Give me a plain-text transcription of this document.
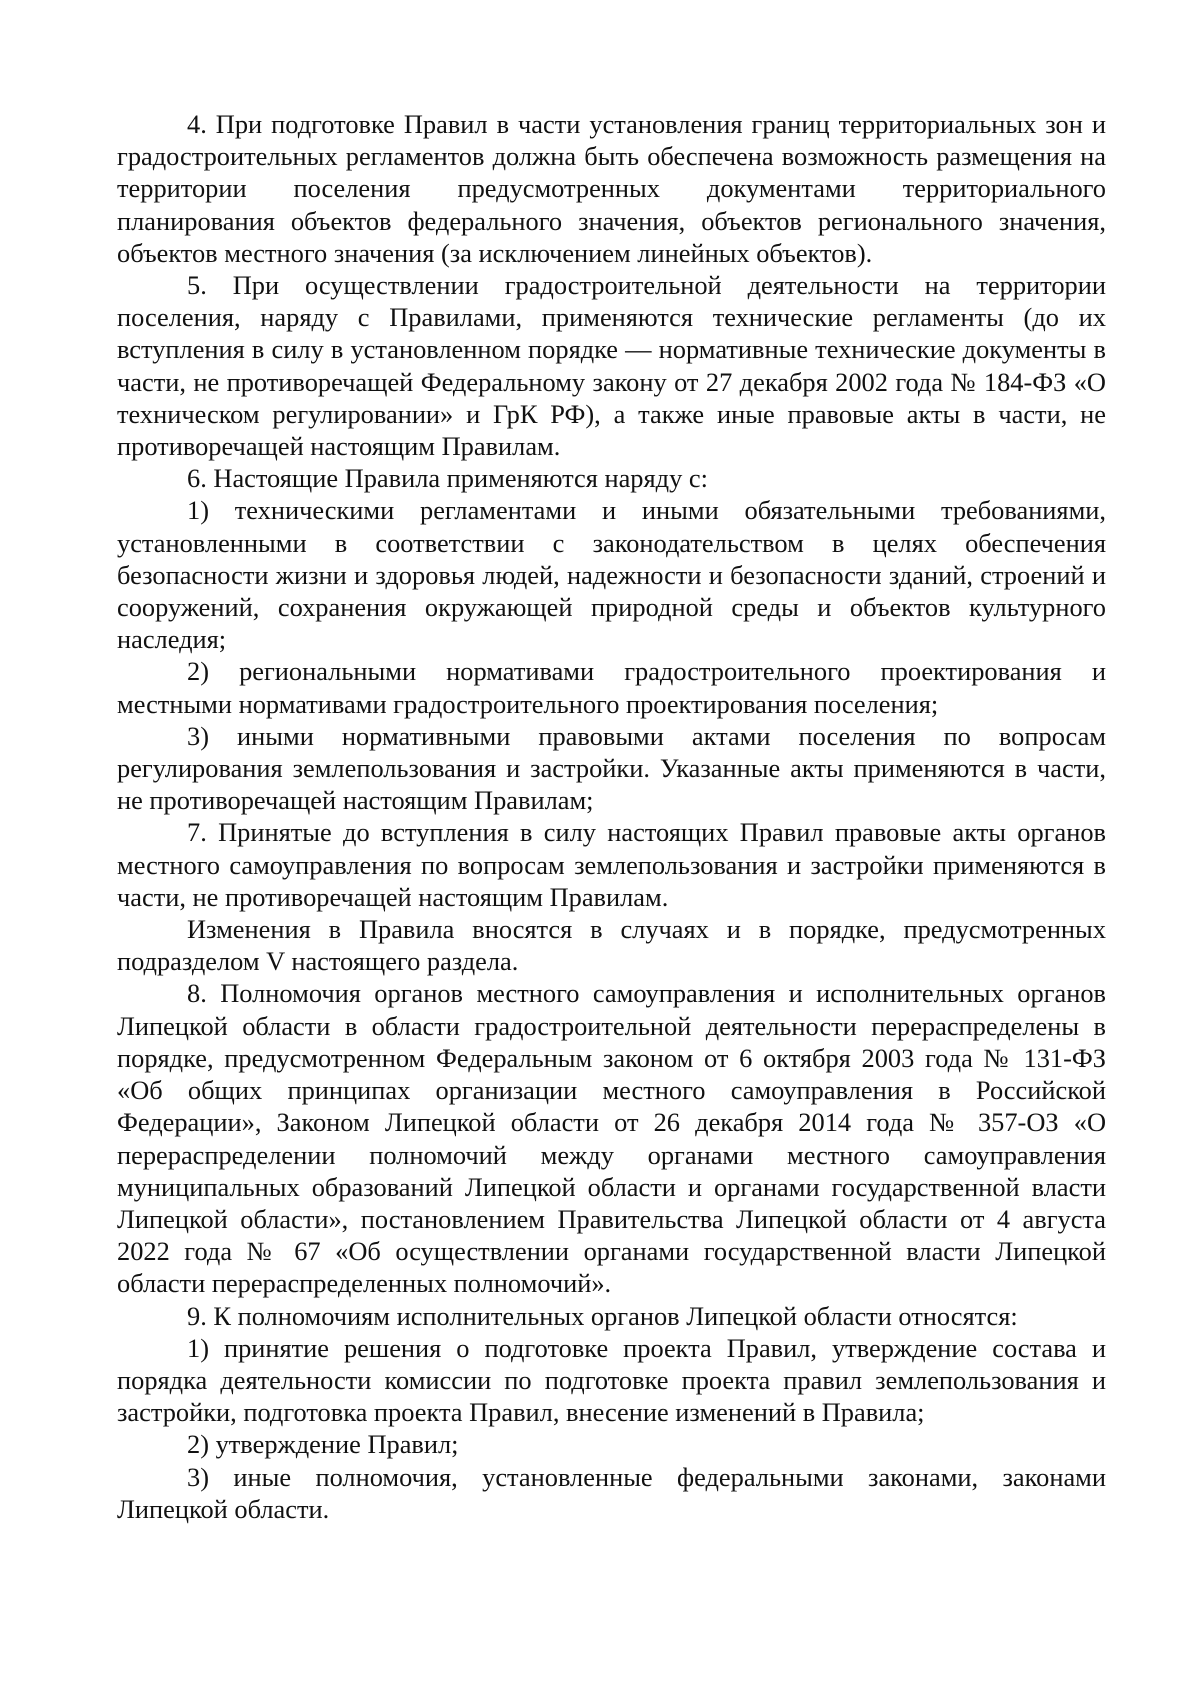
4. При подготовке Правил в части установления границ территориальных зон и градостроительных регламентов должна быть обеспечена возможность размещения на территории поселения предусмотренных документами территориального планирования объектов федерального значения, объектов регионального значения, объектов местного значения (за исключением линейных объектов).

5. При осуществлении градостроительной деятельности на территории поселения, наряду с Правилами, применяются технические регламенты (до их вступления в силу в установленном порядке — нормативные технические документы в части, не противоречащей Федеральному закону от 27 декабря 2002 года № 184-ФЗ «О техническом регулировании» и ГрК РФ), а также иные правовые акты в части, не противоречащей настоящим Правилам.

6. Настоящие Правила применяются наряду с:

1) техническими регламентами и иными обязательными требованиями, установленными в соответствии с законодательством в целях обеспечения безопасности жизни и здоровья людей, надежности и безопасности зданий, строений и сооружений, сохранения окружающей природной среды и объектов культурного наследия;

2) региональными нормативами градостроительного проектирования и местными нормативами градостроительного проектирования поселения;

3) иными нормативными правовыми актами поселения по вопросам регулирования землепользования и застройки. Указанные акты применяются в части, не противоречащей настоящим Правилам;

7. Принятые до вступления в силу настоящих Правил правовые акты органов местного самоуправления по вопросам землепользования и застройки применяются в части, не противоречащей настоящим Правилам.

Изменения в Правила вносятся в случаях и в порядке, предусмотренных подразделом V настоящего раздела.

8. Полномочия органов местного самоуправления и исполнительных органов Липецкой области в области градостроительной деятельности перераспределены в порядке, предусмотренном Федеральным законом от 6 октября 2003 года № 131-ФЗ «Об общих принципах организации местного самоуправления в Российской Федерации», Законом Липецкой области от 26 декабря 2014 года № 357-ОЗ «О перераспределении полномочий между органами местного самоуправления муниципальных образований Липецкой области и органами государственной власти Липецкой области», постановлением Правительства Липецкой области от 4 августа 2022 года № 67 «Об осуществлении органами государственной власти Липецкой области перераспределенных полномочий».

9. К полномочиям исполнительных органов Липецкой области относятся:

1) принятие решения о подготовке проекта Правил, утверждение состава и порядка деятельности комиссии по подготовке проекта правил землепользования и застройки, подготовка проекта Правил, внесение изменений в Правила;

2) утверждение Правил;

3) иные полномочия, установленные федеральными законами, законами Липецкой области.
